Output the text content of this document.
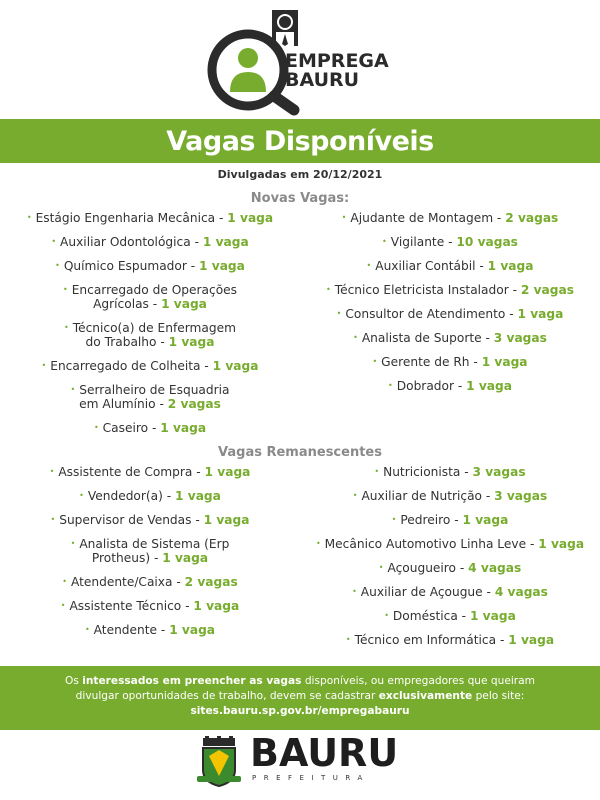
EMPREGA
BAURU
Vagas Disponíveis
Divulgadas em 20/12/2021
Novas Vagas:
• Estágio Engenharia Mecânica - 1 vaga
• Auxiliar Odontológica - 1 vaga
• Químico Espumador - 1 vaga
• Encarregado de Operações
Agrícolas - 1 vaga
• Técnico(a) de Enfermagem
do Trabalho - 1 vaga
• Encarregado de Colheita - 1 vaga
• Serralheiro de Esquadria
em Alumínio - 2 vagas
• Caseiro - 1 vaga
• Ajudante de Montagem - 2 vagas
• Vigilante - 10 vagas
• Auxiliar Contábil - 1 vaga
• Técnico Eletricista Instalador - 2 vagas
• Consultor de Atendimento - 1 vaga
• Analista de Suporte - 3 vagas
• Gerente de Rh - 1 vaga
• Dobrador - 1 vaga
Vagas Remanescentes
• Assistente de Compra - 1 vaga
• Vendedor(a) - 1 vaga
• Supervisor de Vendas - 1 vaga
• Analista de Sistema (Erp
Protheus) - 1 vaga
• Atendente/Caixa - 2 vagas
• Assistente Técnico - 1 vaga
• Atendente - 1 vaga
• Nutricionista - 3 vagas
• Auxiliar de Nutrição - 3 vagas
• Pedreiro - 1 vaga
• Mecânico Automotivo Linha Leve - 1 vaga
• Açougueiro - 4 vagas
• Auxiliar de Açougue - 4 vagas
• Doméstica - 1 vaga
• Técnico em Informática - 1 vaga
Os interessados em preencher as vagas disponíveis, ou empregadores que queiram
divulgar oportunidades de trabalho, devem se cadastrar exclusivamente pelo site:
sites.bauru.sp.gov.br/empregabauru
BAURU
PREFEITURA
